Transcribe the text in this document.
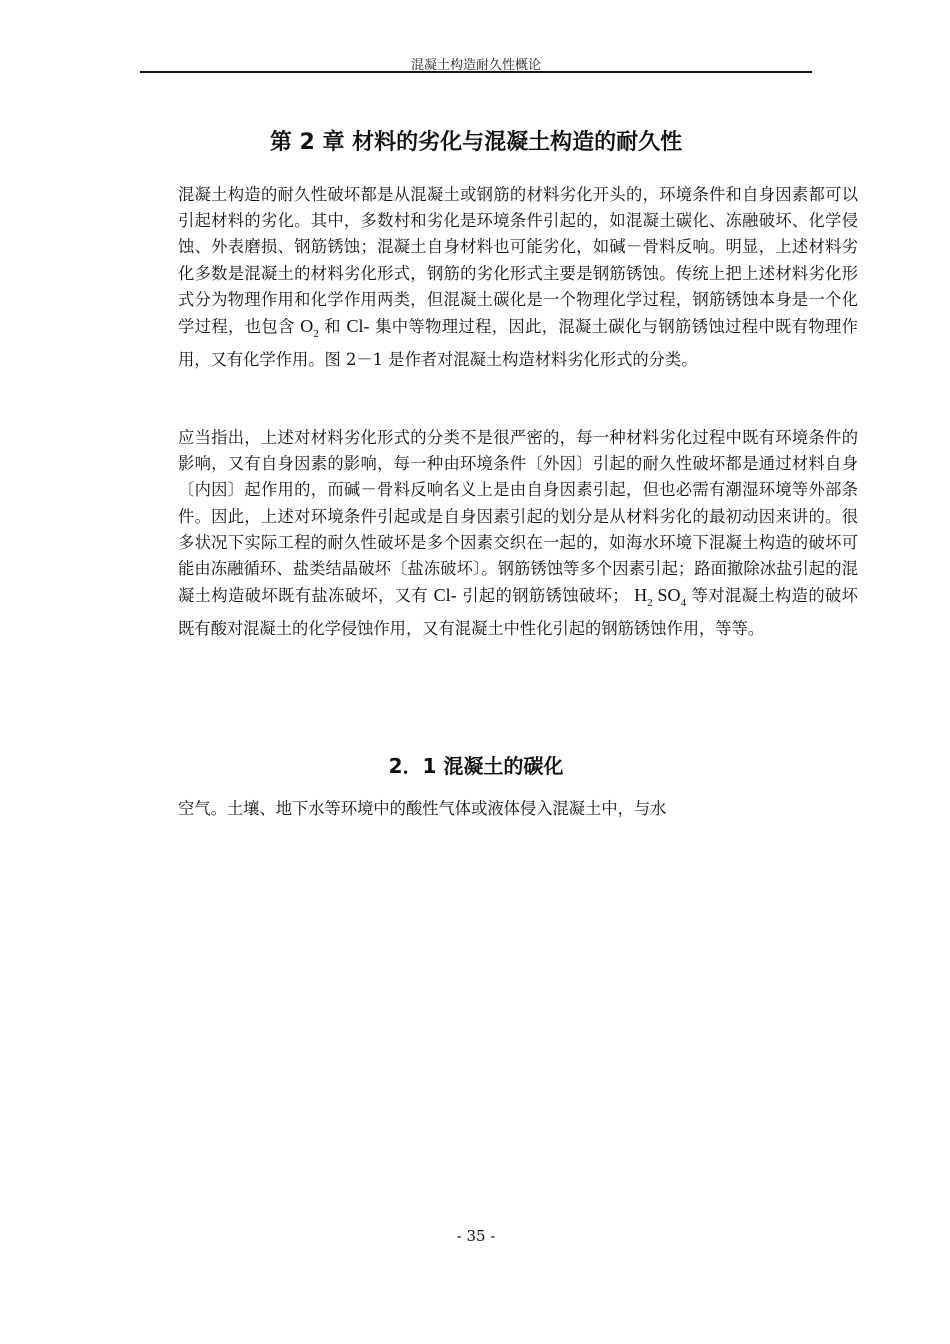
混凝土构造耐久性概论
第 2 章 材料的劣化与混凝土构造的耐久性

混凝土构造的耐久性破坏都是从混凝土或钢筋的材料劣化开头的，环境条件和自身因素都可以引起材料的劣化。其中，多数村和劣化是环境条件引起的，如混凝土碳化、冻融破坏、化学侵蚀、外表磨损、钢筋锈蚀；混凝土自身材料也可能劣化，如碱－骨料反响。明显，上述材料劣化多数是混凝土的材料劣化形式，钢筋的劣化形式主要是钢筋锈蚀。传统上把上述材料劣化形式分为物理作用和化学作用两类，但混凝土碳化是一个物理化学过程，钢筋锈蚀本身是一个化学过程，也包含 $O_2$ 和 Cl- 集中等物理过程，因此，混凝土碳化与钢筋锈蚀过程中既有物理作用，又有化学作用。图 2－1 是作者对混凝土构造材料劣化形式的分类。

应当指出，上述对材料劣化形式的分类不是很严密的，每一种材料劣化过程中既有环境条件的影响，又有自身因素的影响，每一种由环境条件〔外因〕引起的耐久性破坏都是通过材料自身〔内因〕起作用的，而碱－骨料反响名义上是由自身因素引起，但也必需有潮湿环境等外部条件。因此，上述对环境条件引起或是自身因素引起的划分是从材料劣化的最初动因来讲的。很多状况下实际工程的耐久性破坏是多个因素交织在一起的，如海水环境下混凝土构造的破坏可能由冻融循环、盐类结晶破坏〔盐冻破坏〕。钢筋锈蚀等多个因素引起；路面撤除冰盐引起的混凝土构造破坏既有盐冻破坏，又有 Cl- 引起的钢筋锈蚀破坏； $H_2$ $SO_4$ 等对混凝土构造的破坏既有酸对混凝土的化学侵蚀作用，又有混凝土中性化引起的钢筋锈蚀作用，等等。

2．1 混凝土的碳化

空气。土壤、地下水等环境中的酸性气体或液体侵入混凝土中，与水

- 35 -
